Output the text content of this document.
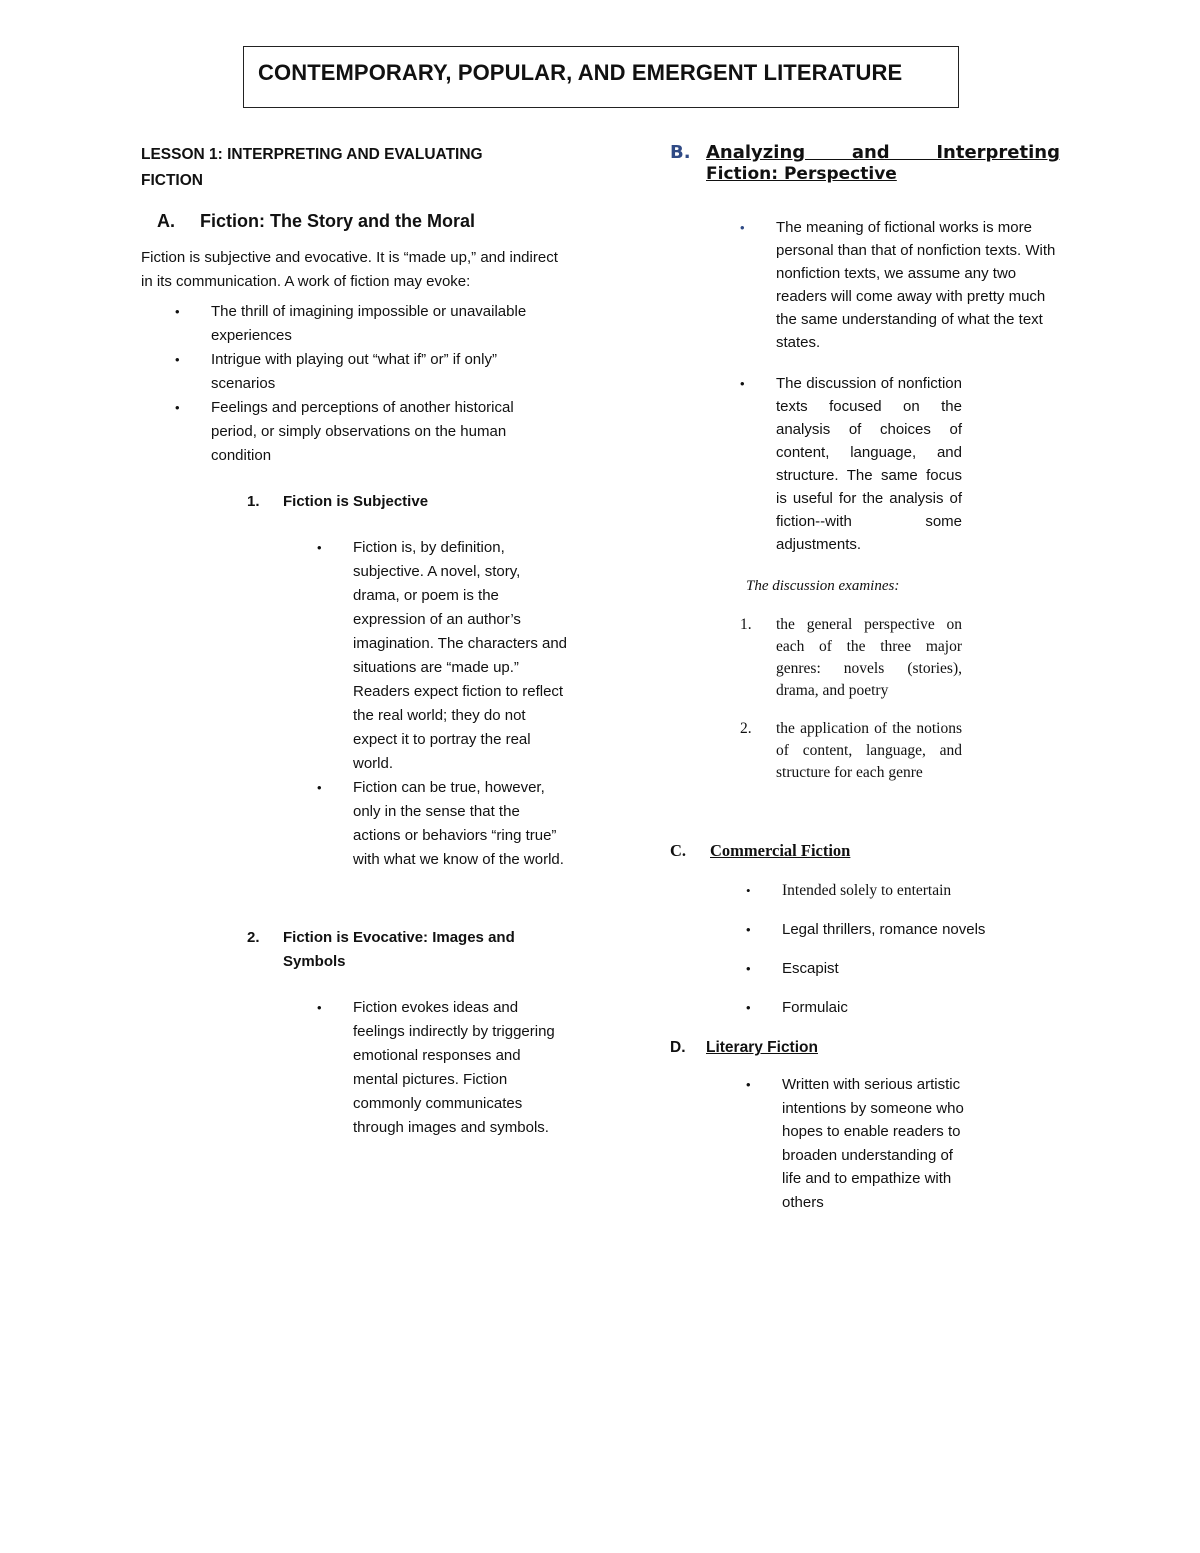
CONTEMPORARY, POPULAR, AND EMERGENT LITERATURE
LESSON 1: INTERPRETING AND EVALUATING FICTION
A. Fiction: The Story and the Moral

Fiction is subjective and evocative. It is “made up,” and indirect in its communication. A work of fiction may evoke:

• The thrill of imagining impossible or unavailable experiences
• Intrigue with playing out “what if” or” if only” scenarios
• Feelings and perceptions of another historical period, or simply observations on the human condition
1. Fiction is Subjective
• Fiction is, by definition, subjective. A novel, story, drama, or poem is the expression of an author’s imagination. The characters and situations are “made up.” Readers expect fiction to reflect the real world; they do not expect it to portray the real world.
• Fiction can be true, however, only in the sense that the actions or behaviors “ring true” with what we know of the world.
2. Fiction is Evocative: Images and Symbols
• Fiction evokes ideas and feelings indirectly by triggering emotional responses and mental pictures. Fiction commonly communicates through images and symbols.
B. Analyzing and Interpreting
Fiction: Perspective
• The meaning of fictional works is more personal than that of nonfiction texts. With nonfiction texts, we assume any two readers will come away with pretty much the same understanding of what the text states.
• The discussion of nonfiction texts focused on the analysis of choices of content, language, and structure. The same focus is useful for the analysis of fiction--with some adjustments.

The discussion examines:

1. the general perspective on each of the three major genres: novels (stories), drama, and poetry
2. the application of the notions of content, language, and structure for each genre
C. Commercial Fiction
• Intended solely to entertain
• Legal thrillers, romance novels
• Escapist
• Formulaic
D. Literary Fiction
• Written with serious artistic intentions by someone who hopes to enable readers to broaden understanding of life and to empathize with others
